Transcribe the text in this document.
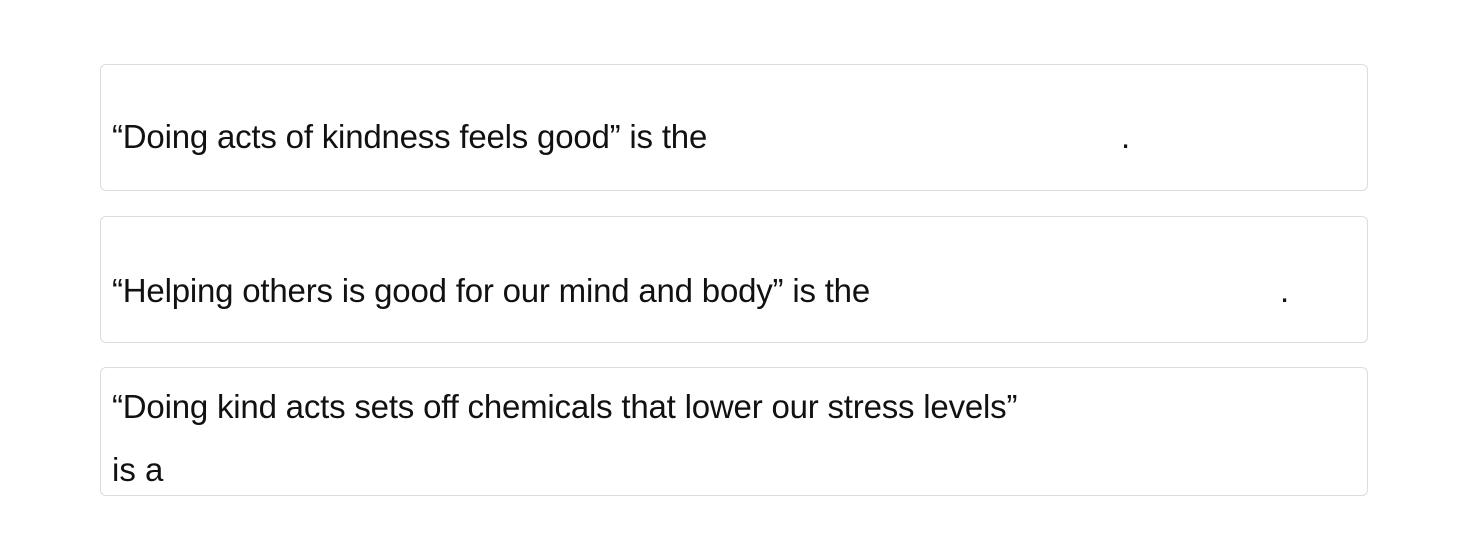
“Doing acts of kindness feels good” is the	.
“Helping others is good for our mind and body” is the	.
“Doing kind acts sets off chemicals that lower our stress levels”
is a
